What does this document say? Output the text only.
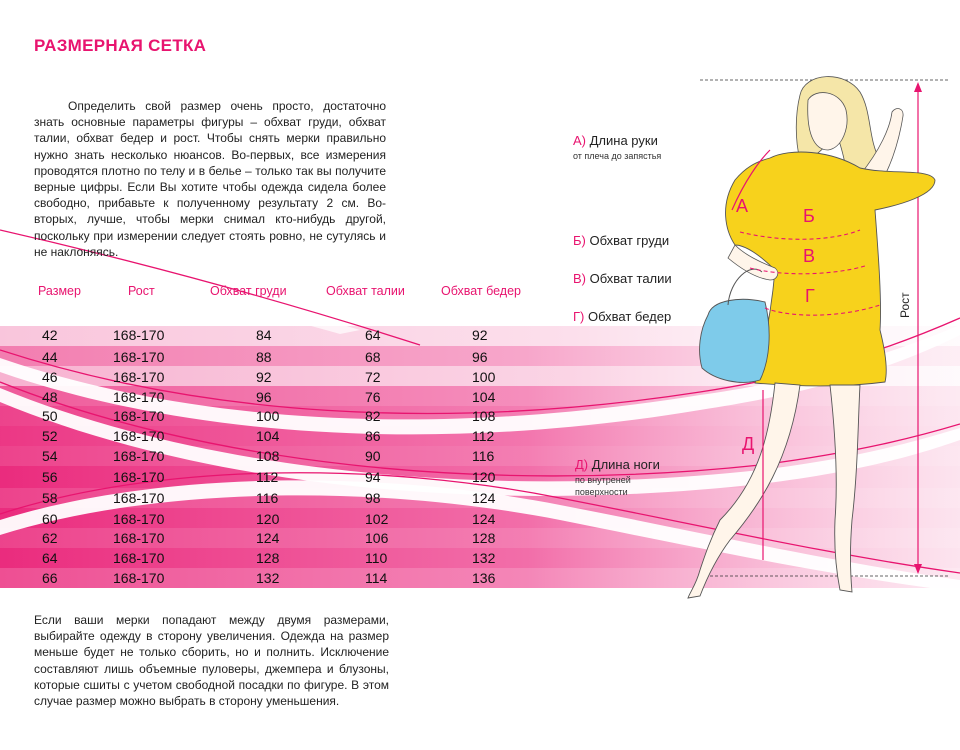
РАЗМЕРНАЯ СЕТКА

Определить свой размер очень просто, достаточно знать основные параметры фигуры – обхват груди, обхват талии, обхват бедер и рост. Чтобы снять мерки правильно нужно знать несколько нюансов. Во-первых, все измерения проводятся плотно по телу и в белье – только так вы получите верные цифры. Если Вы хотите чтобы одежда сидела более свободно, прибавьте к полученному результату 2 см. Во-вторых, лучше, чтобы мерки снимал кто-нибудь другой, поскольку при измерении следует стоять ровно, не сутулясь и не наклоняясь.

Размер	Рост	Обхват груди	Обхват талии	Обхват бедер
42	168-170	84	64	92
44	168-170	88	68	96
46	168-170	92	72	100
48	168-170	96	76	104
50	168-170	100	82	108
52	168-170	104	86	112
54	168-170	108	90	116
56	168-170	112	94	120
58	168-170	116	98	124
60	168-170	120	102	124
62	168-170	124	106	128
64	168-170	128	110	132
66	168-170	132	114	136
А) Длина руки
от плеча до запястья
Б) Обхват груди
В) Обхват талии
Г) Обхват бедер
Д) Длина ноги
по внутреней
поверхности
А	Б
В
Г
Д
Рост

Если ваши мерки попадают между двумя размерами, выбирайте одежду в сторону увеличения. Одежда на размер меньше будет не только сборить, но и полнить. Исключение составляют лишь объемные пуловеры, джемпера и блузоны, которые сшиты с учетом свободной посадки по фигуре. В этом случае размер можно выбрать в сторону уменьшения.
